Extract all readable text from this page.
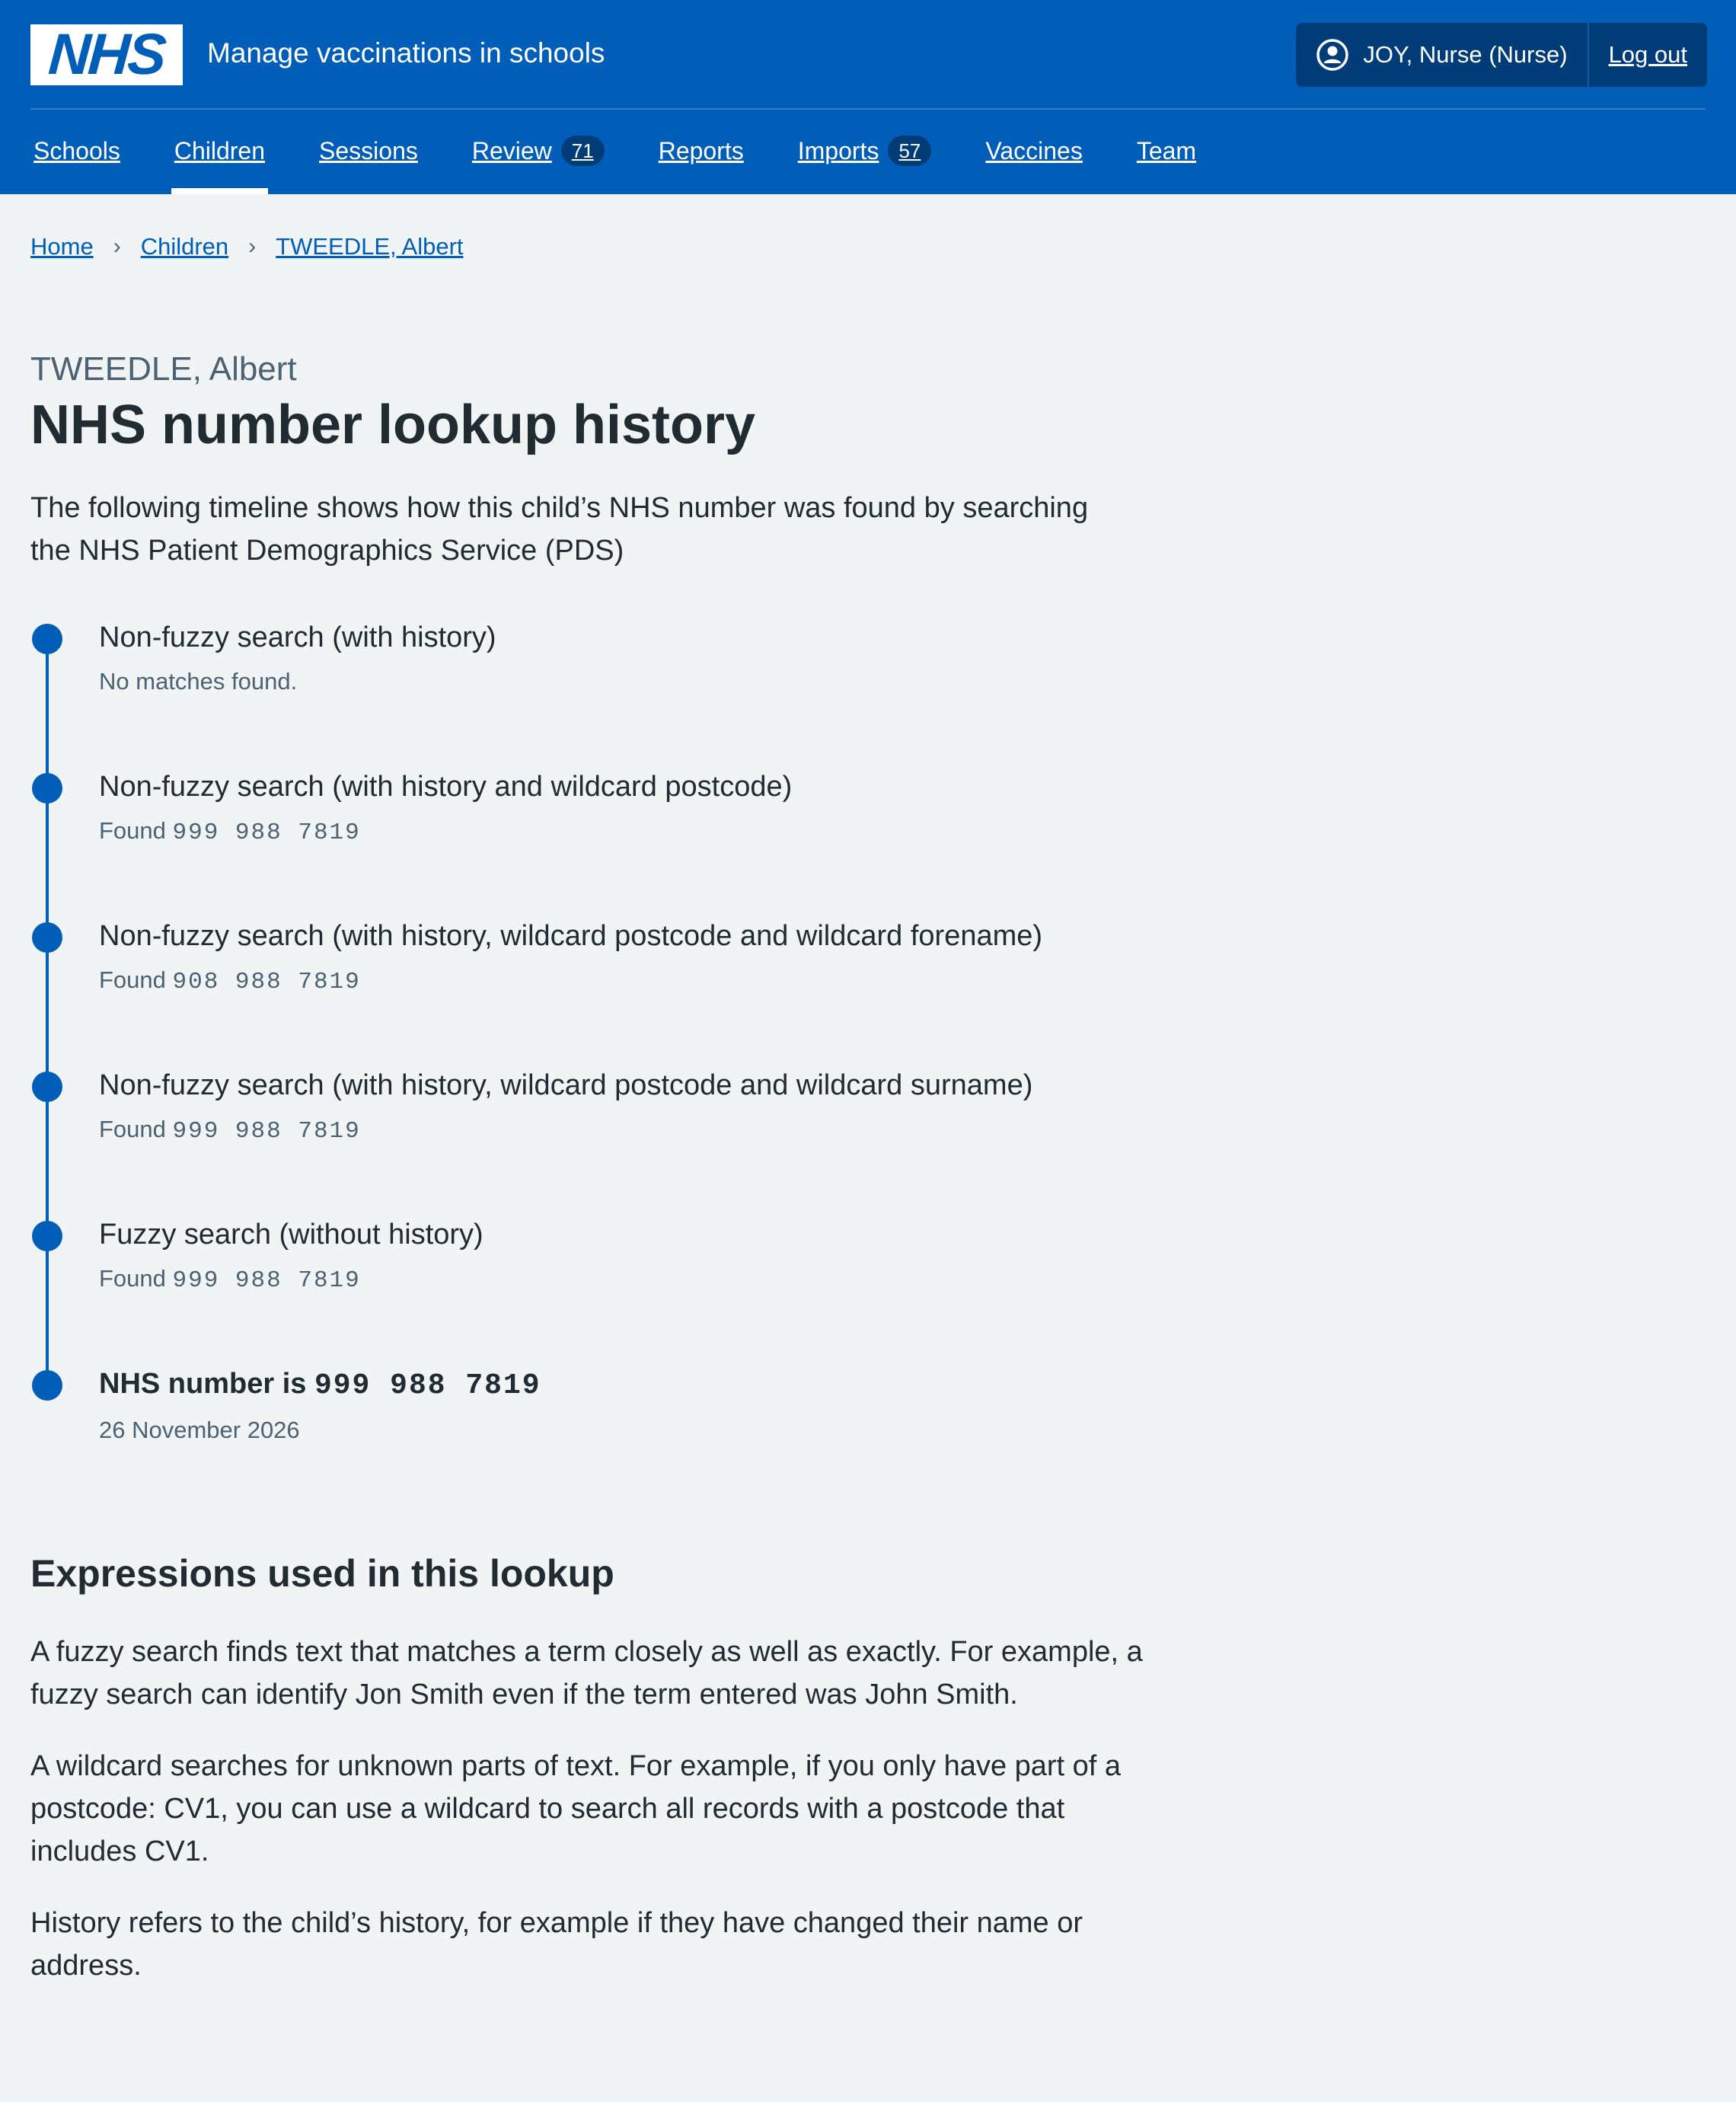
NHS Manage vaccinations in schools	JOY, Nurse (Nurse)	Log out
Schools Children Sessions Review	71	Reports Imports	57	Vaccines Team
Home › Children › TWEEDLE, Albert
TWEEDLE, Albert
NHS number lookup history

The following timeline shows how this child’s NHS number was found by searching the NHS Patient Demographics Service (PDS)

Non-fuzzy search (with history)
No matches found.
Non-fuzzy search (with history and wildcard postcode)
Found 999 988 7819
Non-fuzzy search (with history, wildcard postcode and wildcard forename)
Found 908 988 7819
Non-fuzzy search (with history, wildcard postcode and wildcard surname)
Found 999 988 7819
Fuzzy search (without history)
Found 999 988 7819
NHS number is 999 988 7819
26 November 2026
Expressions used in this lookup

A fuzzy search finds text that matches a term closely as well as exactly. For example, a fuzzy search can identify Jon Smith even if the term entered was John Smith.

A wildcard searches for unknown parts of text. For example, if you only have part of a postcode: CV1, you can use a wildcard to search all records with a postcode that includes CV1.

History refers to the child’s history, for example if they have changed their name or address.
